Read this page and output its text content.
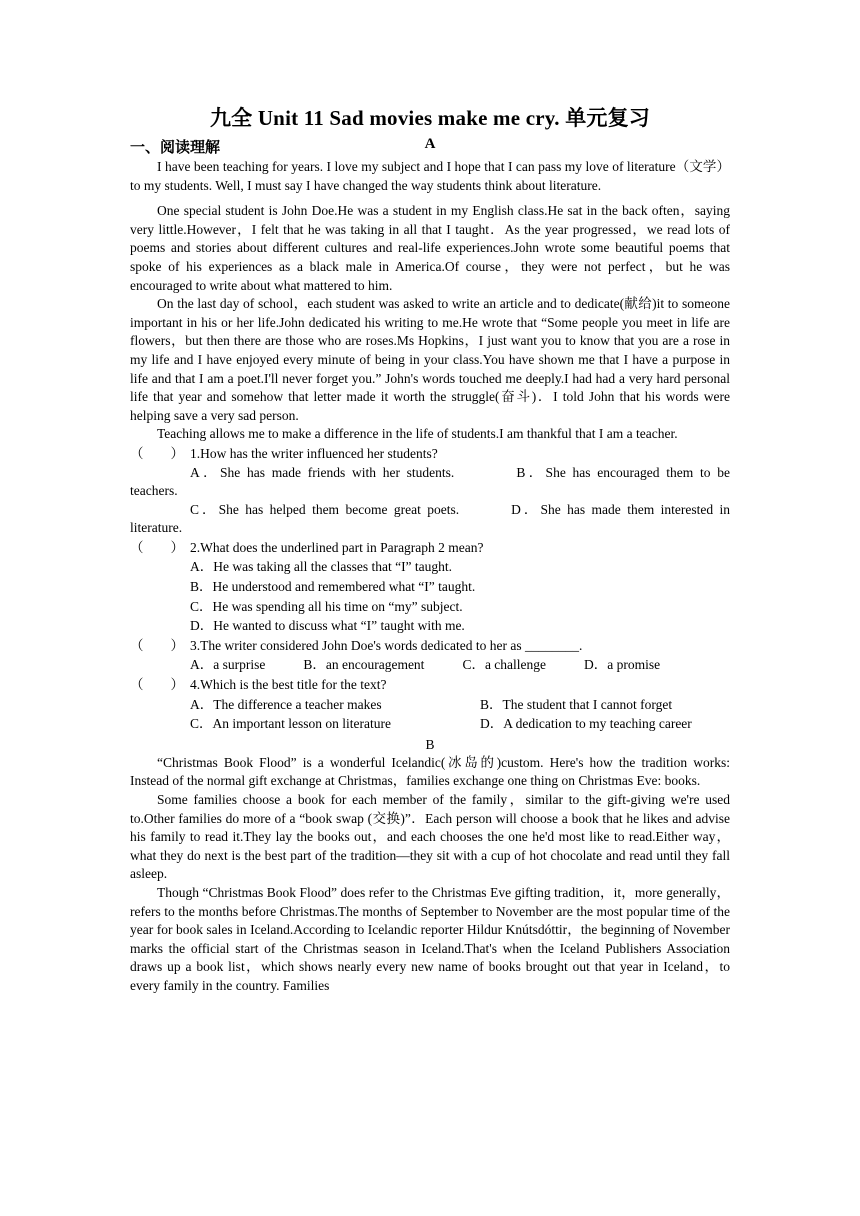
九全 Unit 11 Sad movies make me cry. 单元复习
一、阅读理解	A

I have been teaching for years. I love my subject and I hope that I can pass my love of literature（文学）to my students. Well, I must say I have changed the way students think about literature.

One special student is John Doe.He was a student in my English class.He sat in the back often，saying very little.However，I felt that he was taking in all that I taught．As the year progressed，we read lots of poems and stories about different cultures and real-life experiences.John wrote some beautiful poems that spoke of his experiences as a black male in America.Of course，they were not perfect，but he was encouraged to write about what mattered to him.

On the last day of school，each student was asked to write an article and to dedicate(献给)it to someone important in his or her life.John dedicated his writing to me.He wrote that “Some people you meet in life are flowers，but then there are those who are roses.Ms Hopkins，I just want you to know that you are a rose in my life and I have enjoyed every minute of being in your class.You have shown me that I have a purpose in life and that I am a poet.I'll never forget you.” John's words touched me deeply.I had had a very hard personal life that year and somehow that letter made it worth the struggle(奋斗)．I told John that his words were helping save a very sad person.

Teaching allows me to make a difference in the life of students.I am thankful that I am a teacher.

（　　） 1.How has the writer influenced her students?

A．She has made friends with her students.	B．She has encouraged them to be teachers.

C．She has helped them become great poets.	D．She has made them interested in literature.

（　　） 2.What does the underlined part in Paragraph 2 mean?
A．He was taking all the classes that “I” taught.
B．He understood and remembered what “I” taught.
C．He was spending all his time on “my” subject.
D．He wanted to discuss what “I” taught with me.
（　　） 3.The writer considered John Doe's words dedicated to her as ________.
A．a surprise	B．an encouragement	C．a challenge	D．a promise
（　　） 4.Which is the best title for the text?
A．The difference a teacher makes	B．The student that I cannot forget
C．An important lesson on literature	D．A dedication to my teaching career
B

“Christmas Book Flood” is a wonderful Icelandic(冰岛的)custom. Here's how the tradition works: Instead of the normal gift exchange at Christmas，families exchange one thing on Christmas Eve: books.

Some families choose a book for each member of the family，similar to the gift-giving we're used to.Other families do more of a “book swap (交换)”．Each person will choose a book that he likes and advise his family to read it.They lay the books out，and each chooses the one he'd most like to read.Either way，what they do next is the best part of the tradition—they sit with a cup of hot chocolate and read until they fall asleep.

Though “Christmas Book Flood” does refer to the Christmas Eve gifting tradition，it，more generally，refers to the months before Christmas.The months of September to November are the most popular time of the year for book sales in Iceland.According to Icelandic reporter Hildur Knútsdóttir，the beginning of November marks the official start of the Christmas season in Iceland.That's when the Iceland Publishers Association draws up a book list，which shows nearly every new name of books brought out that year in Iceland，to every family in the country. Families
